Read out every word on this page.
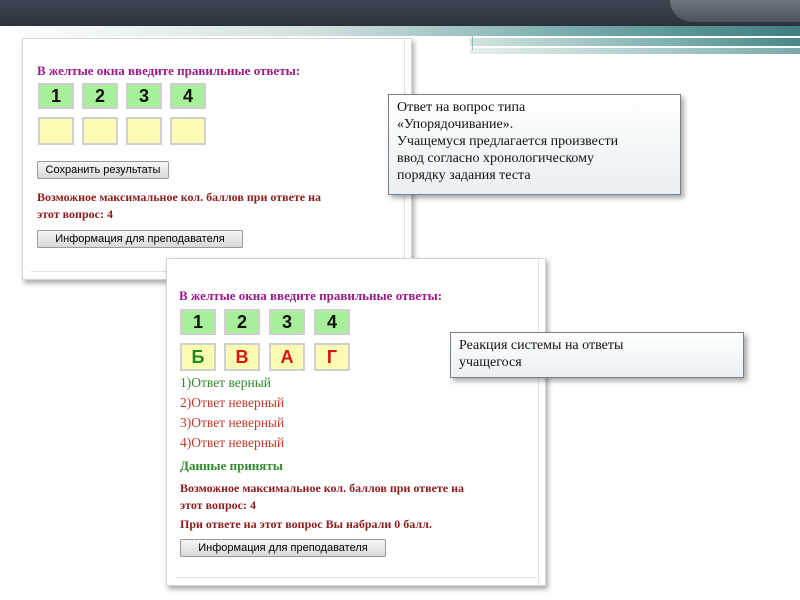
В желтые окна введите правильные ответы:
1	2	3	4
Сохранить результаты
Возможное максимальное кол. баллов при ответе на
этот вопрос: 4
Информация для преподавателя
В желтые окна введите правильные ответы:
1	2	3	4
Б	В	А	Г
1)Ответ верный
2)Ответ неверный
3)Ответ неверный
4)Ответ неверный
Данные приняты
Возможное максимальное кол. баллов при ответе на
этот вопрос: 4
При ответе на этот вопрос Вы набрали 0 балл.
Информация для преподавателя
Ответ на вопрос типа
«Упорядочивание».
Учащемуся предлагается произвести
ввод согласно хронологическому
порядку задания теста
Реакция системы на ответы
учащегося
